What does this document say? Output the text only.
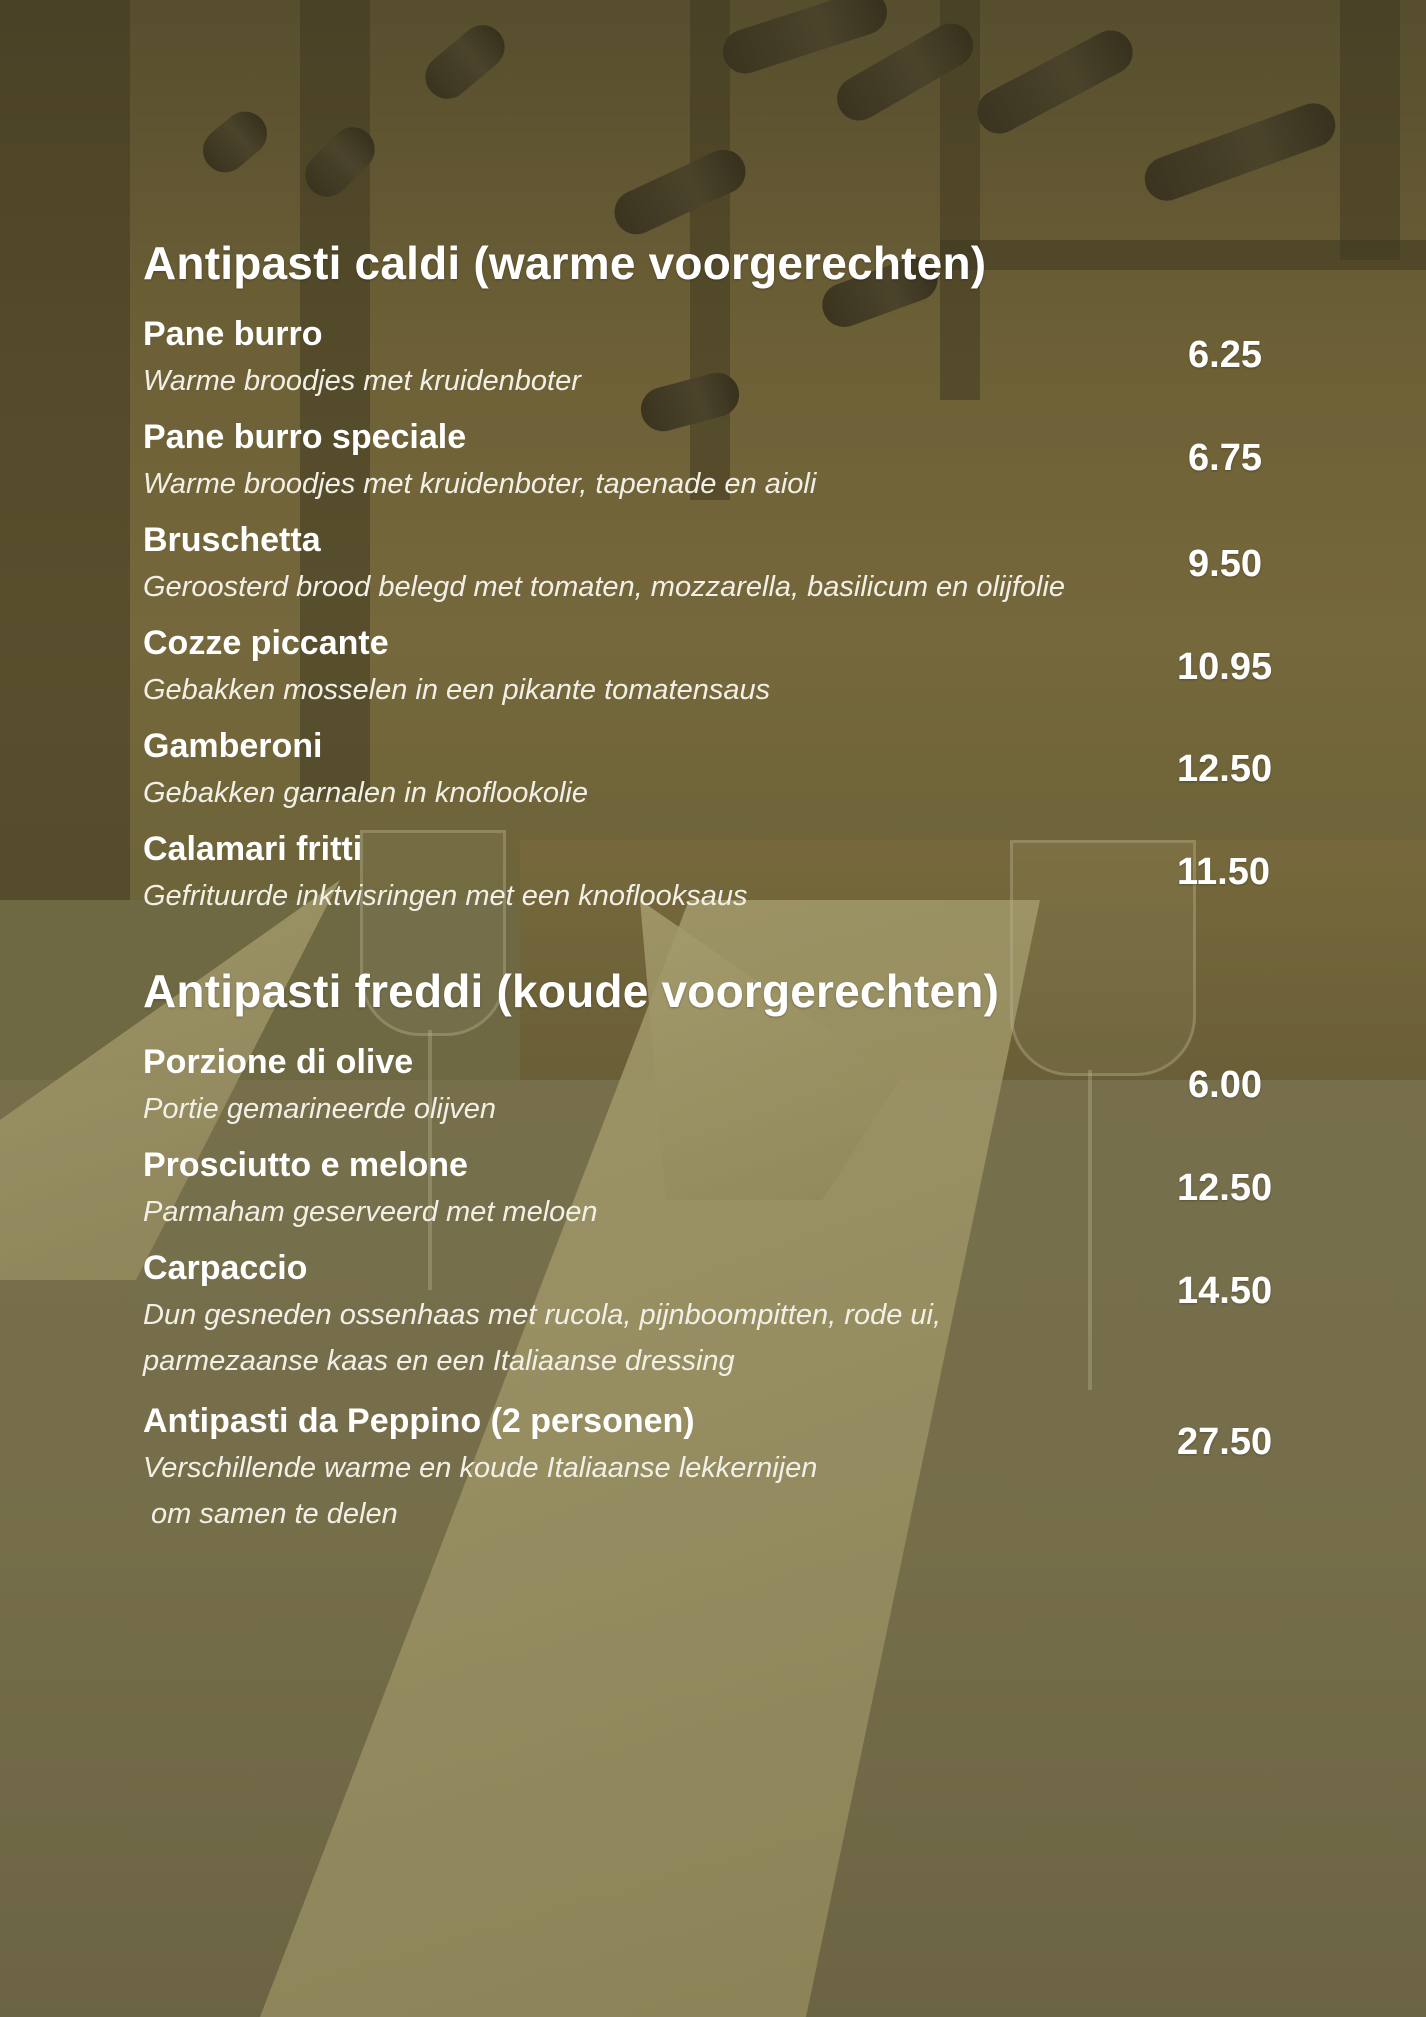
Antipasti caldi (warme voorgerechten)
Pane burro
Warme broodjes met kruidenboter
6.25
Pane burro speciale
Warme broodjes met kruidenboter, tapenade en aioli
6.75
Bruschetta
Geroosterd brood belegd met tomaten, mozzarella, basilicum en olijfolie
9.50
Cozze piccante
Gebakken mosselen in een pikante tomatensaus
10.95
Gamberoni
Gebakken garnalen in knoflookolie
12.50
Calamari fritti
Gefrituurde inktvisringen met een knoflooksaus
11.50
Antipasti freddi (koude voorgerechten)
Porzione di olive
Portie gemarineerde olijven
6.00
Prosciutto e melone
Parmaham geserveerd met meloen
12.50
Carpaccio
Dun gesneden ossenhaas met rucola, pijnboompitten, rode ui,
parmezaanse kaas en een Italiaanse dressing
14.50
Antipasti da Peppino (2 personen)
Verschillende warme en koude Italiaanse lekkernijen
om samen te delen
27.50
